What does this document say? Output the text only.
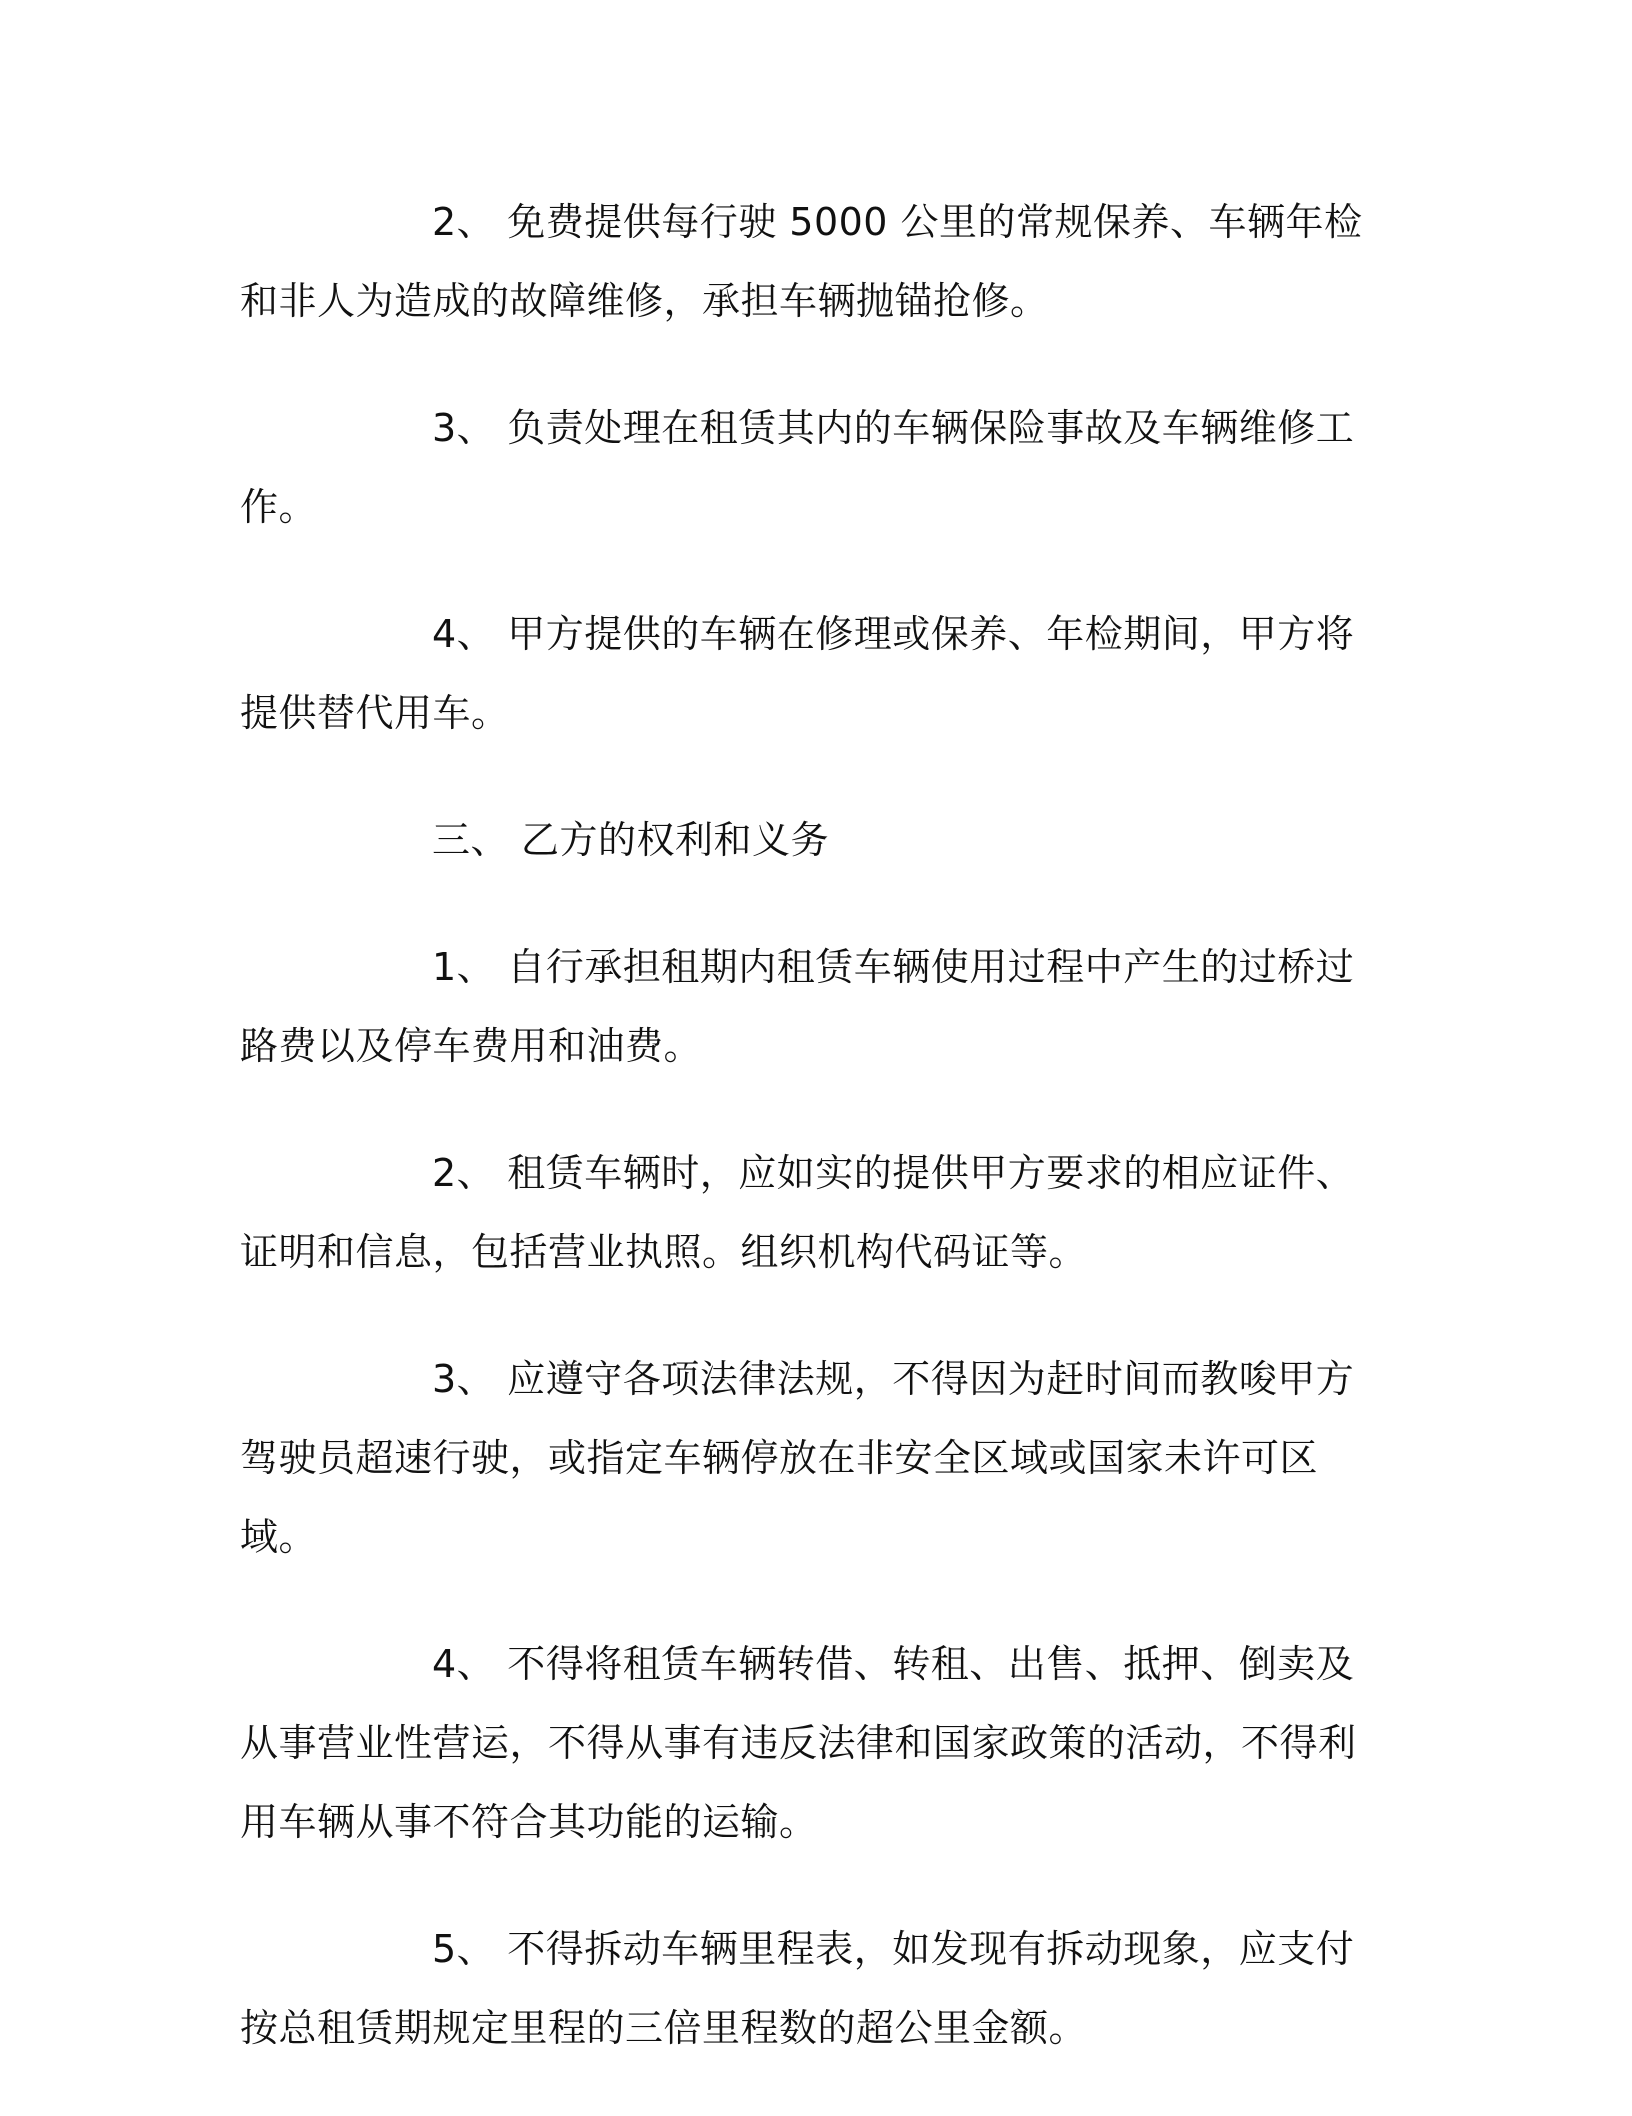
2、 免费提供每行驶 5000 公里的常规保养、车辆年检和非人为造成的故障维修，承担车辆抛锚抢修。

3、 负责处理在租赁其内的车辆保险事故及车辆维修工作。

4、 甲方提供的车辆在修理或保养、年检期间，甲方将提供替代用车。

三、 乙方的权利和义务

1、 自行承担租期内租赁车辆使用过程中产生的过桥过路费以及停车费用和油费。

2、 租赁车辆时，应如实的提供甲方要求的相应证件、证明和信息，包括营业执照。组织机构代码证等。

3、 应遵守各项法律法规，不得因为赶时间而教唆甲方驾驶员超速行驶，或指定车辆停放在非安全区域或国家未许可区域。

4、 不得将租赁车辆转借、转租、出售、抵押、倒卖及从事营业性营运，不得从事有违反法律和国家政策的活动，不得利用车辆从事不符合其功能的运输。

5、 不得拆动车辆里程表，如发现有拆动现象，应支付按总租赁期规定里程的三倍里程数的超公里金额。
